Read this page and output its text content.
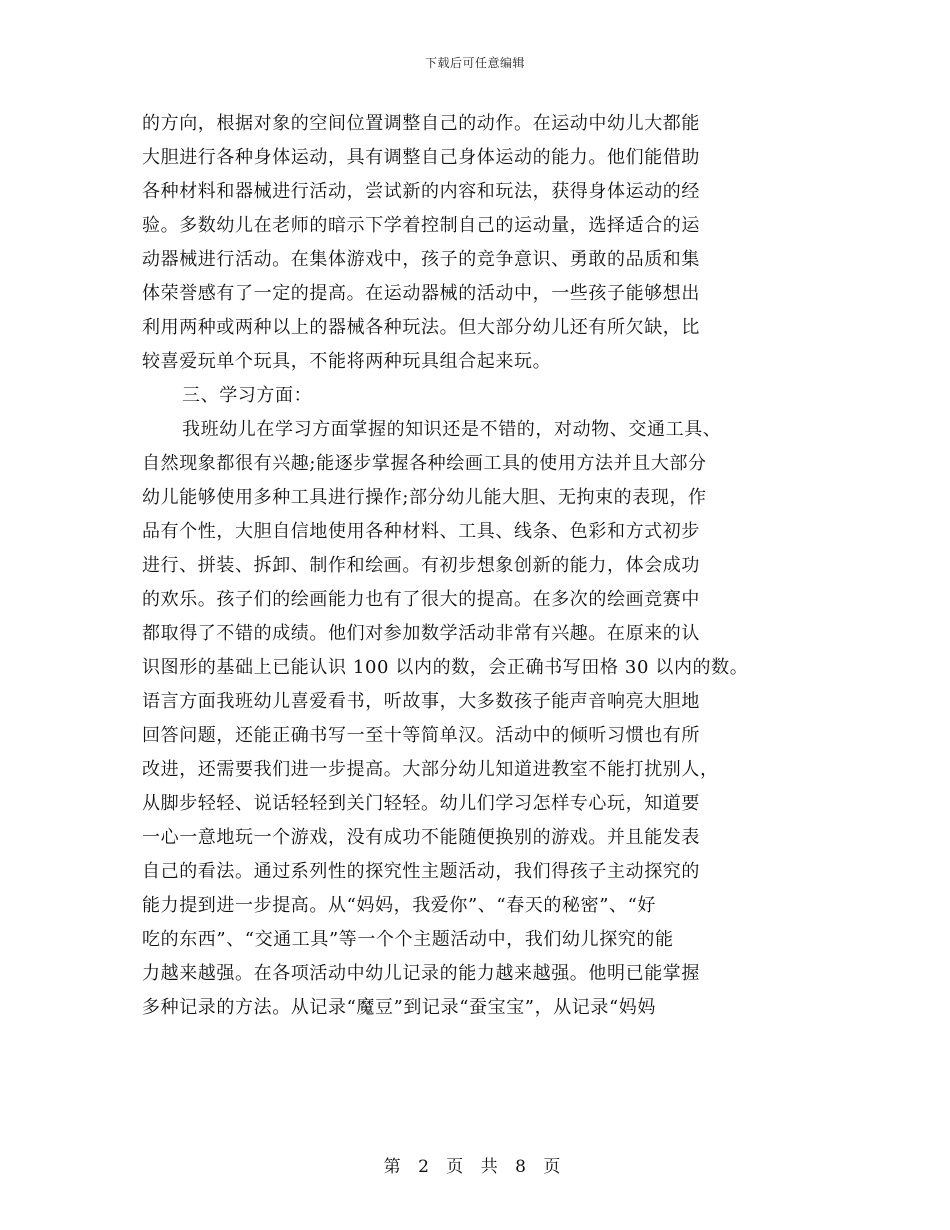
下载后可任意编辑
的方向，根据对象的空间位置调整自己的动作。在运动中幼儿大都能
大胆进行各种身体运动，具有调整自己身体运动的能力。他们能借助
各种材料和器械进行活动，尝试新的内容和玩法，获得身体运动的经
验。多数幼儿在老师的暗示下学着控制自己的运动量，选择适合的运
动器械进行活动。在集体游戏中，孩子的竞争意识、勇敢的品质和集
体荣誉感有了一定的提高。在运动器械的活动中，一些孩子能够想出
利用两种或两种以上的器械各种玩法。但大部分幼儿还有所欠缺，比
较喜爱玩单个玩具，不能将两种玩具组合起来玩。
三、学习方面：
我班幼儿在学习方面掌握的知识还是不错的，对动物、交通工具、
自然现象都很有兴趣;能逐步掌握各种绘画工具的使用方法并且大部分
幼儿能够使用多种工具进行操作;部分幼儿能大胆、无拘束的表现，作
品有个性，大胆自信地使用各种材料、工具、线条、色彩和方式初步
进行、拼装、拆卸、制作和绘画。有初步想象创新的能力，体会成功
的欢乐。孩子们的绘画能力也有了很大的提高。在多次的绘画竞赛中
都取得了不错的成绩。他们对参加数学活动非常有兴趣。在原来的认
识图形的基础上已能认识 100 以内的数，会正确书写田格 30 以内的数。
语言方面我班幼儿喜爱看书，听故事，大多数孩子能声音响亮大胆地
回答问题，还能正确书写一至十等简单汉。活动中的倾听习惯也有所
改进，还需要我们进一步提高。大部分幼儿知道进教室不能打扰别人，
从脚步轻轻、说话轻轻到关门轻轻。幼儿们学习怎样专心玩，知道要
一心一意地玩一个游戏，没有成功不能随便换别的游戏。并且能发表
自己的看法。通过系列性的探究性主题活动，我们得孩子主动探究的
能力提到进一步提高。从“妈妈，我爱你”、“春天的秘密”、“好
吃的东西”、“交通工具”等一个个主题活动中，我们幼儿探究的能
力越来越强。在各项活动中幼儿记录的能力越来越强。他明已能掌握
多种记录的方法。从记录“魔豆”到记录“蚕宝宝”，从记录“妈妈
第 2 页 共 8 页
